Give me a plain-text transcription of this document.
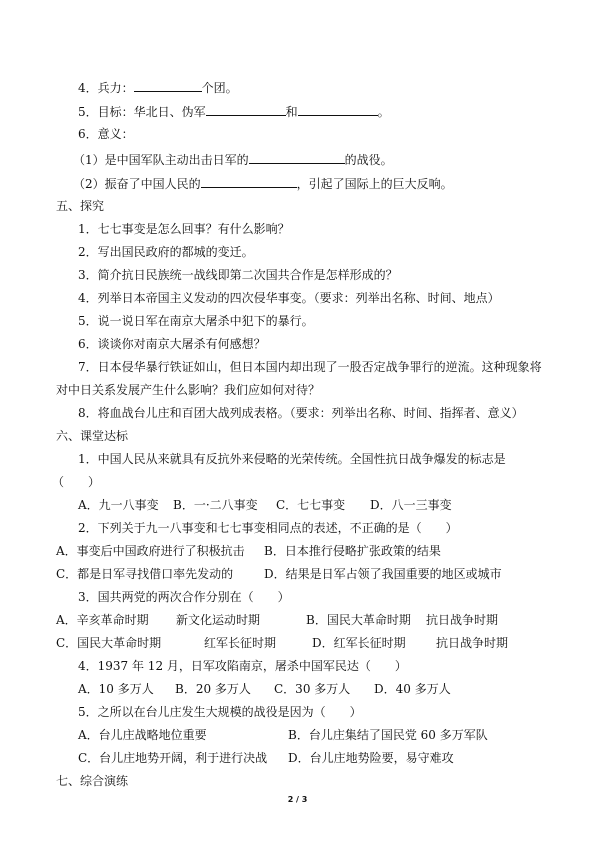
4．兵力：	个团。
5．目标：华北日、伪军	和	。
6．意义：
（1）是中国军队主动出击日军的	的战役。
（2）振奋了中国人民的	，引起了国际上的巨大反响。
五、探究
1．七七事变是怎么回事？有什么影响？
2．写出国民政府的都城的变迁。
3．简介抗日民族统一战线即第二次国共合作是怎样形成的？
4．列举日本帝国主义发动的四次侵华事变。（要求：列举出名称、时间、地点）
5．说一说日军在南京大屠杀中犯下的暴行。
6．谈谈你对南京大屠杀有何感想？
7．日本侵华暴行铁证如山，但日本国内却出现了一股否定战争罪行的逆流。这种现象将
对中日关系发展产生什么影响？我们应如何对待？
8．将血战台儿庄和百团大战列成表格。（要求：列举出名称、时间、指挥者、意义）
六、课堂达标
1．中国人民从来就具有反抗外来侵略的光荣传统。全国性抗日战争爆发的标志是
（　　）
A．九一八事变 B．一·二八事变 C．七七事变 D．八一三事变
2．下列关于九一八事变和七七事变相同点的表述，不正确的是（　　）
A．事变后中国政府进行了积极抗击 B．日本推行侵略扩张政策的结果
C．都是日军寻找借口率先发动的	D．结果是日军占领了我国重要的地区或城市
3．国共两党的两次合作分别在（　　）
A．辛亥革命时期 新文化运动时期	B．国民大革命时期 抗日战争时期
C．国民大革命时期	红军长征时期	D．红军长征时期	抗日战争时期
4．1937 年 12 月，日军攻陷南京，屠杀中国军民达（　　）
A．10 多万人 B．20 多万人 C．30 多万人 D．40 多万人
5．之所以在台儿庄发生大规模的战役是因为（　　）
A．台儿庄战略地位重要	B．台儿庄集结了国民党 60 多万军队
C．台儿庄地势开阔，利于进行决战 D．台儿庄地势险要，易守难攻
七、综合演练
2 / 3
